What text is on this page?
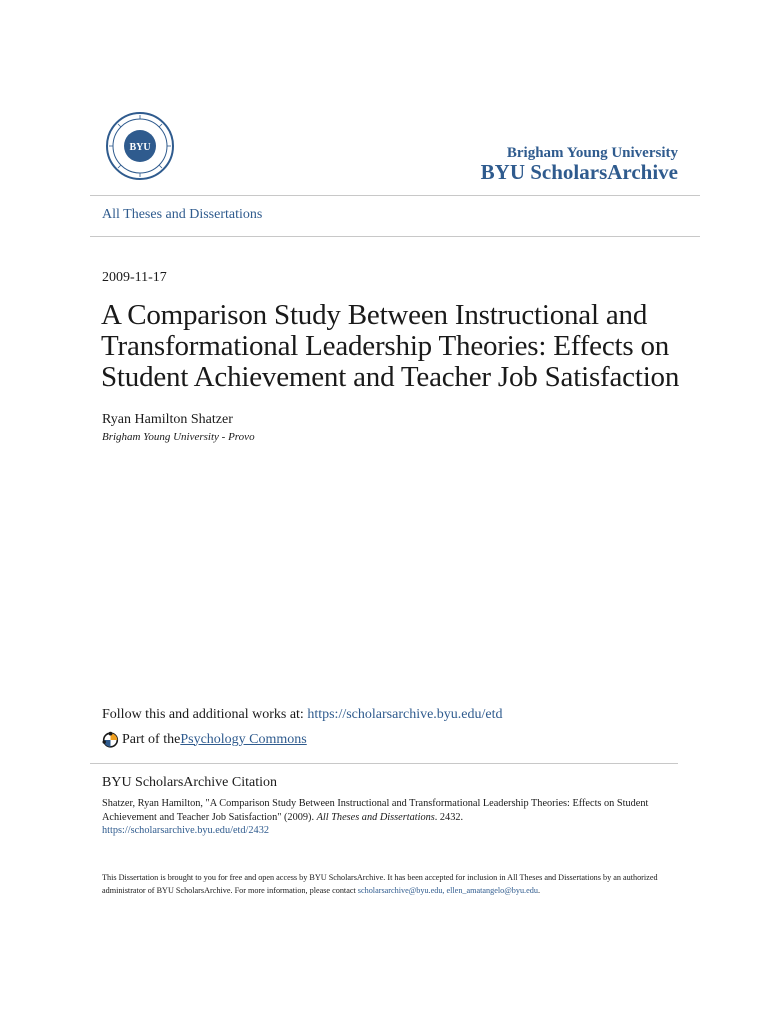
BYU	Brigham Young University
BYU ScholarsArchive
All Theses and Dissertations
2009-11-17
A Comparison Study Between Instructional and
Transformational Leadership Theories: Effects on
Student Achievement and Teacher Job Satisfaction
Ryan Hamilton Shatzer
Brigham Young University - Provo
Follow this and additional works at: https://scholarsarchive.byu.edu/etd
Part of the Psychology Commons
BYU ScholarsArchive Citation
Shatzer, Ryan Hamilton, "A Comparison Study Between Instructional and Transformational Leadership Theories: Effects on Student Achievement and Teacher Job Satisfaction" (2009). All Theses and Dissertations. 2432.
https://scholarsarchive.byu.edu/etd/2432
This Dissertation is brought to you for free and open access by BYU ScholarsArchive. It has been accepted for inclusion in All Theses and Dissertations by an authorized administrator of BYU ScholarsArchive. For more information, please contact scholarsarchive@byu.edu, ellen_amatangelo@byu.edu.
